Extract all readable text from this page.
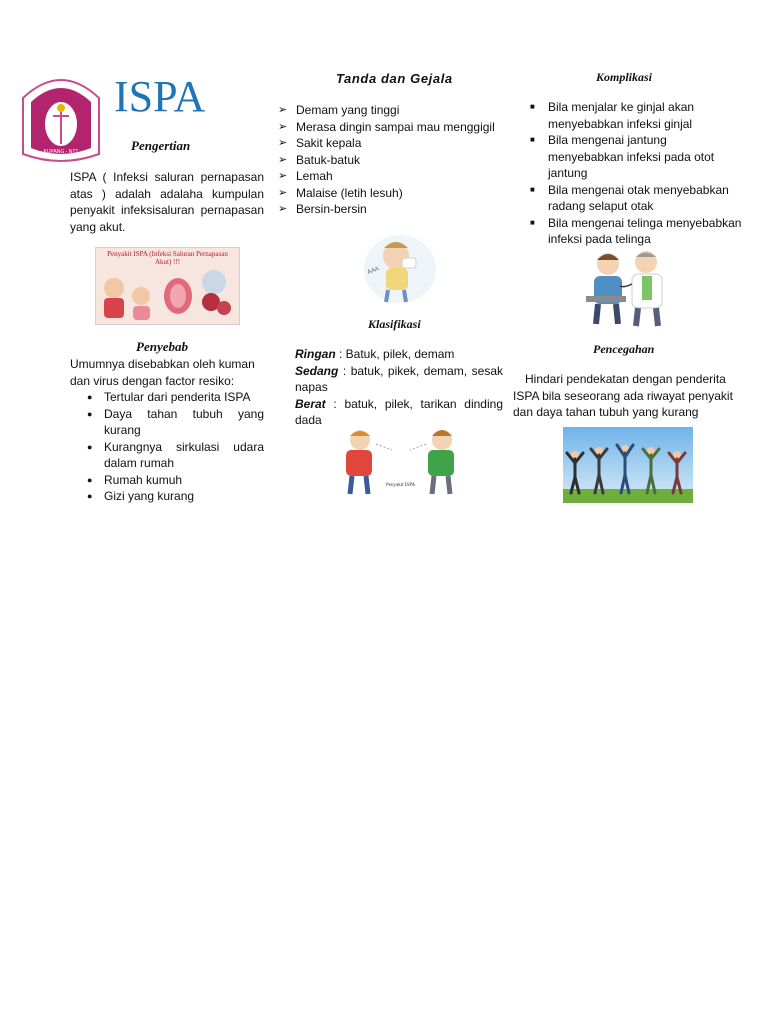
KUPANG - NTT
ISPA
Pengertian
ISPA ( Infeksi saluran pernapasan atas ) adalah adalaha kumpulan penyakit infeksisaluran pernapasan yang akut.
Penyakit ISPA (Infeksi Saluran Pernapasan Akut) !!!
Penyebab
Umumnya disebabkan oleh kuman dan virus dengan factor resiko:
● Tertular dari penderita ISPA
● Daya tahan tubuh yang kurang
● Kurangnya sirkulasi udara dalam rumah
● Rumah kumuh
● Gizi yang kurang
Tanda dan Gejala
➢ Demam yang tinggi
➢ Merasa dingin sampai mau menggigil
➢ Sakit kepala
➢ Batuk-batuk
➢ Lemah
➢ Malaise (letih lesuh)
➢ Bersin-bersin
AAA
Klasifikasi
Ringan : Batuk, pilek, demam
Sedang : batuk, pikek, demam, sesak napas
Berat : batuk, pilek, tarikan dinding dada
Penyakit ISPA
Komplikasi
■ Bila menjalar ke ginjal akan menyebabkan infeksi ginjal
■ Bila mengenai jantung menyebabkan infeksi pada otot jantung
■ Bila mengenai otak menyebabkan radang selaput otak
■ Bila mengenai telinga menyebabkan infeksi pada telinga
Pencegahan
Hindari pendekatan dengan penderita ISPA bila seseorang ada riwayat penyakit dan daya tahan tubuh yang kurang
